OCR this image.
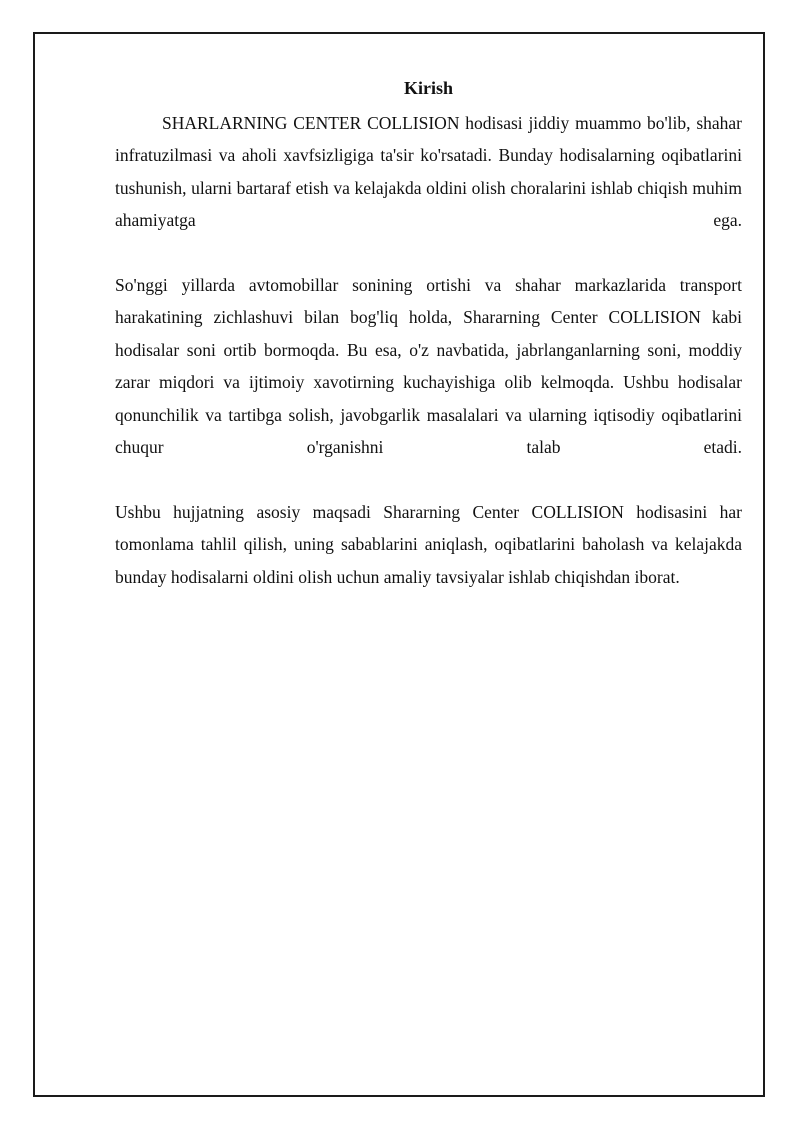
Kirish

SHARLARNING CENTER COLLISION hodisasi jiddiy muammo bo'lib, shahar infratuzilmasi va aholi xavfsizligiga ta'sir ko'rsatadi. Bunday hodisalarning oqibatlarini tushunish, ularni bartaraf etish va kelajakda oldini olish choralarini ishlab chiqish muhim ahamiyatga ega.

So'nggi yillarda avtomobillar sonining ortishi va shahar markazlarida transport harakatining zichlashuvi bilan bog'liq holda, Shararning Center COLLISION kabi hodisalar soni ortib bormoqda. Bu esa, o'z navbatida, jabrlanganlarning soni, moddiy zarar miqdori va ijtimoiy xavotirning kuchayishiga olib kelmoqda. Ushbu hodisalar qonunchilik va tartibga solish, javobgarlik masalalari va ularning iqtisodiy oqibatlarini chuqur o'rganishni talab etadi.

Ushbu hujjatning asosiy maqsadi Shararning Center COLLISION hodisasini har tomonlama tahlil qilish, uning sabablarini aniqlash, oqibatlarini baholash va kelajakda bunday hodisalarni oldini olish uchun amaliy tavsiyalar ishlab chiqishdan iborat.
